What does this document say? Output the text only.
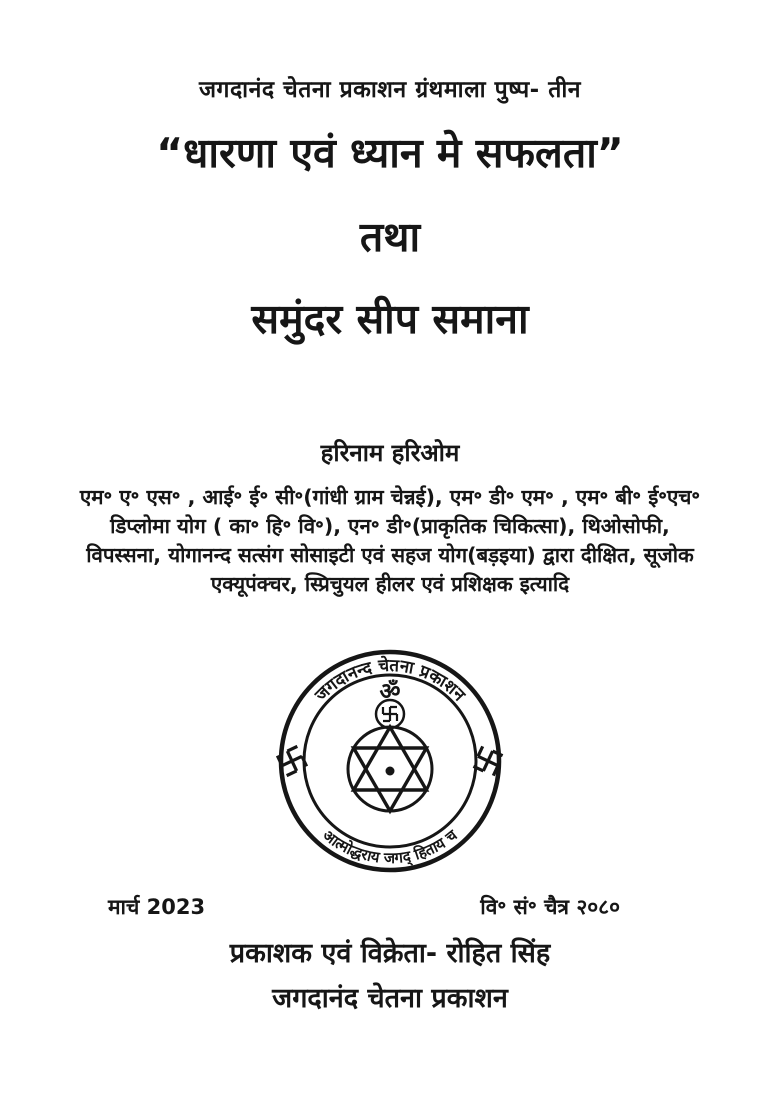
जगदानंद चेतना प्रकाशन ग्रंथमाला पुष्प- तीन
“धारणा एवं ध्यान मे सफलता”
तथा
समुंदर सीप समाना
हरिनाम हरिओम
एम॰ ए॰ एस॰ , आई॰ ई॰ सी॰(गांधी ग्राम चेन्नई), एम॰ डी॰ एम॰ , एम॰ बी॰ ई॰एच॰
डिप्लोमा योग ( का॰ हि॰ वि॰), एन॰ डी॰(प्राकृतिक चिकित्सा), थिओसोफी,
विपस्सना, योगानन्द सत्संग सोसाइटी एवं सहज योग(बड़इया) द्वारा दीक्षित, सूजोक
एक्यूपंक्चर, स्प्रिचुयल हीलर एवं प्रशिक्षक इत्यादि
जगदानन्द चेतना प्रकाशन
आत्मोद्धराय जगद् हिताय च
ॐ
मार्च 2023	वि॰ सं॰ चैत्र २०८०
प्रकाशक एवं विक्रेता- रोहित सिंह
जगदानंद चेतना प्रकाशन
